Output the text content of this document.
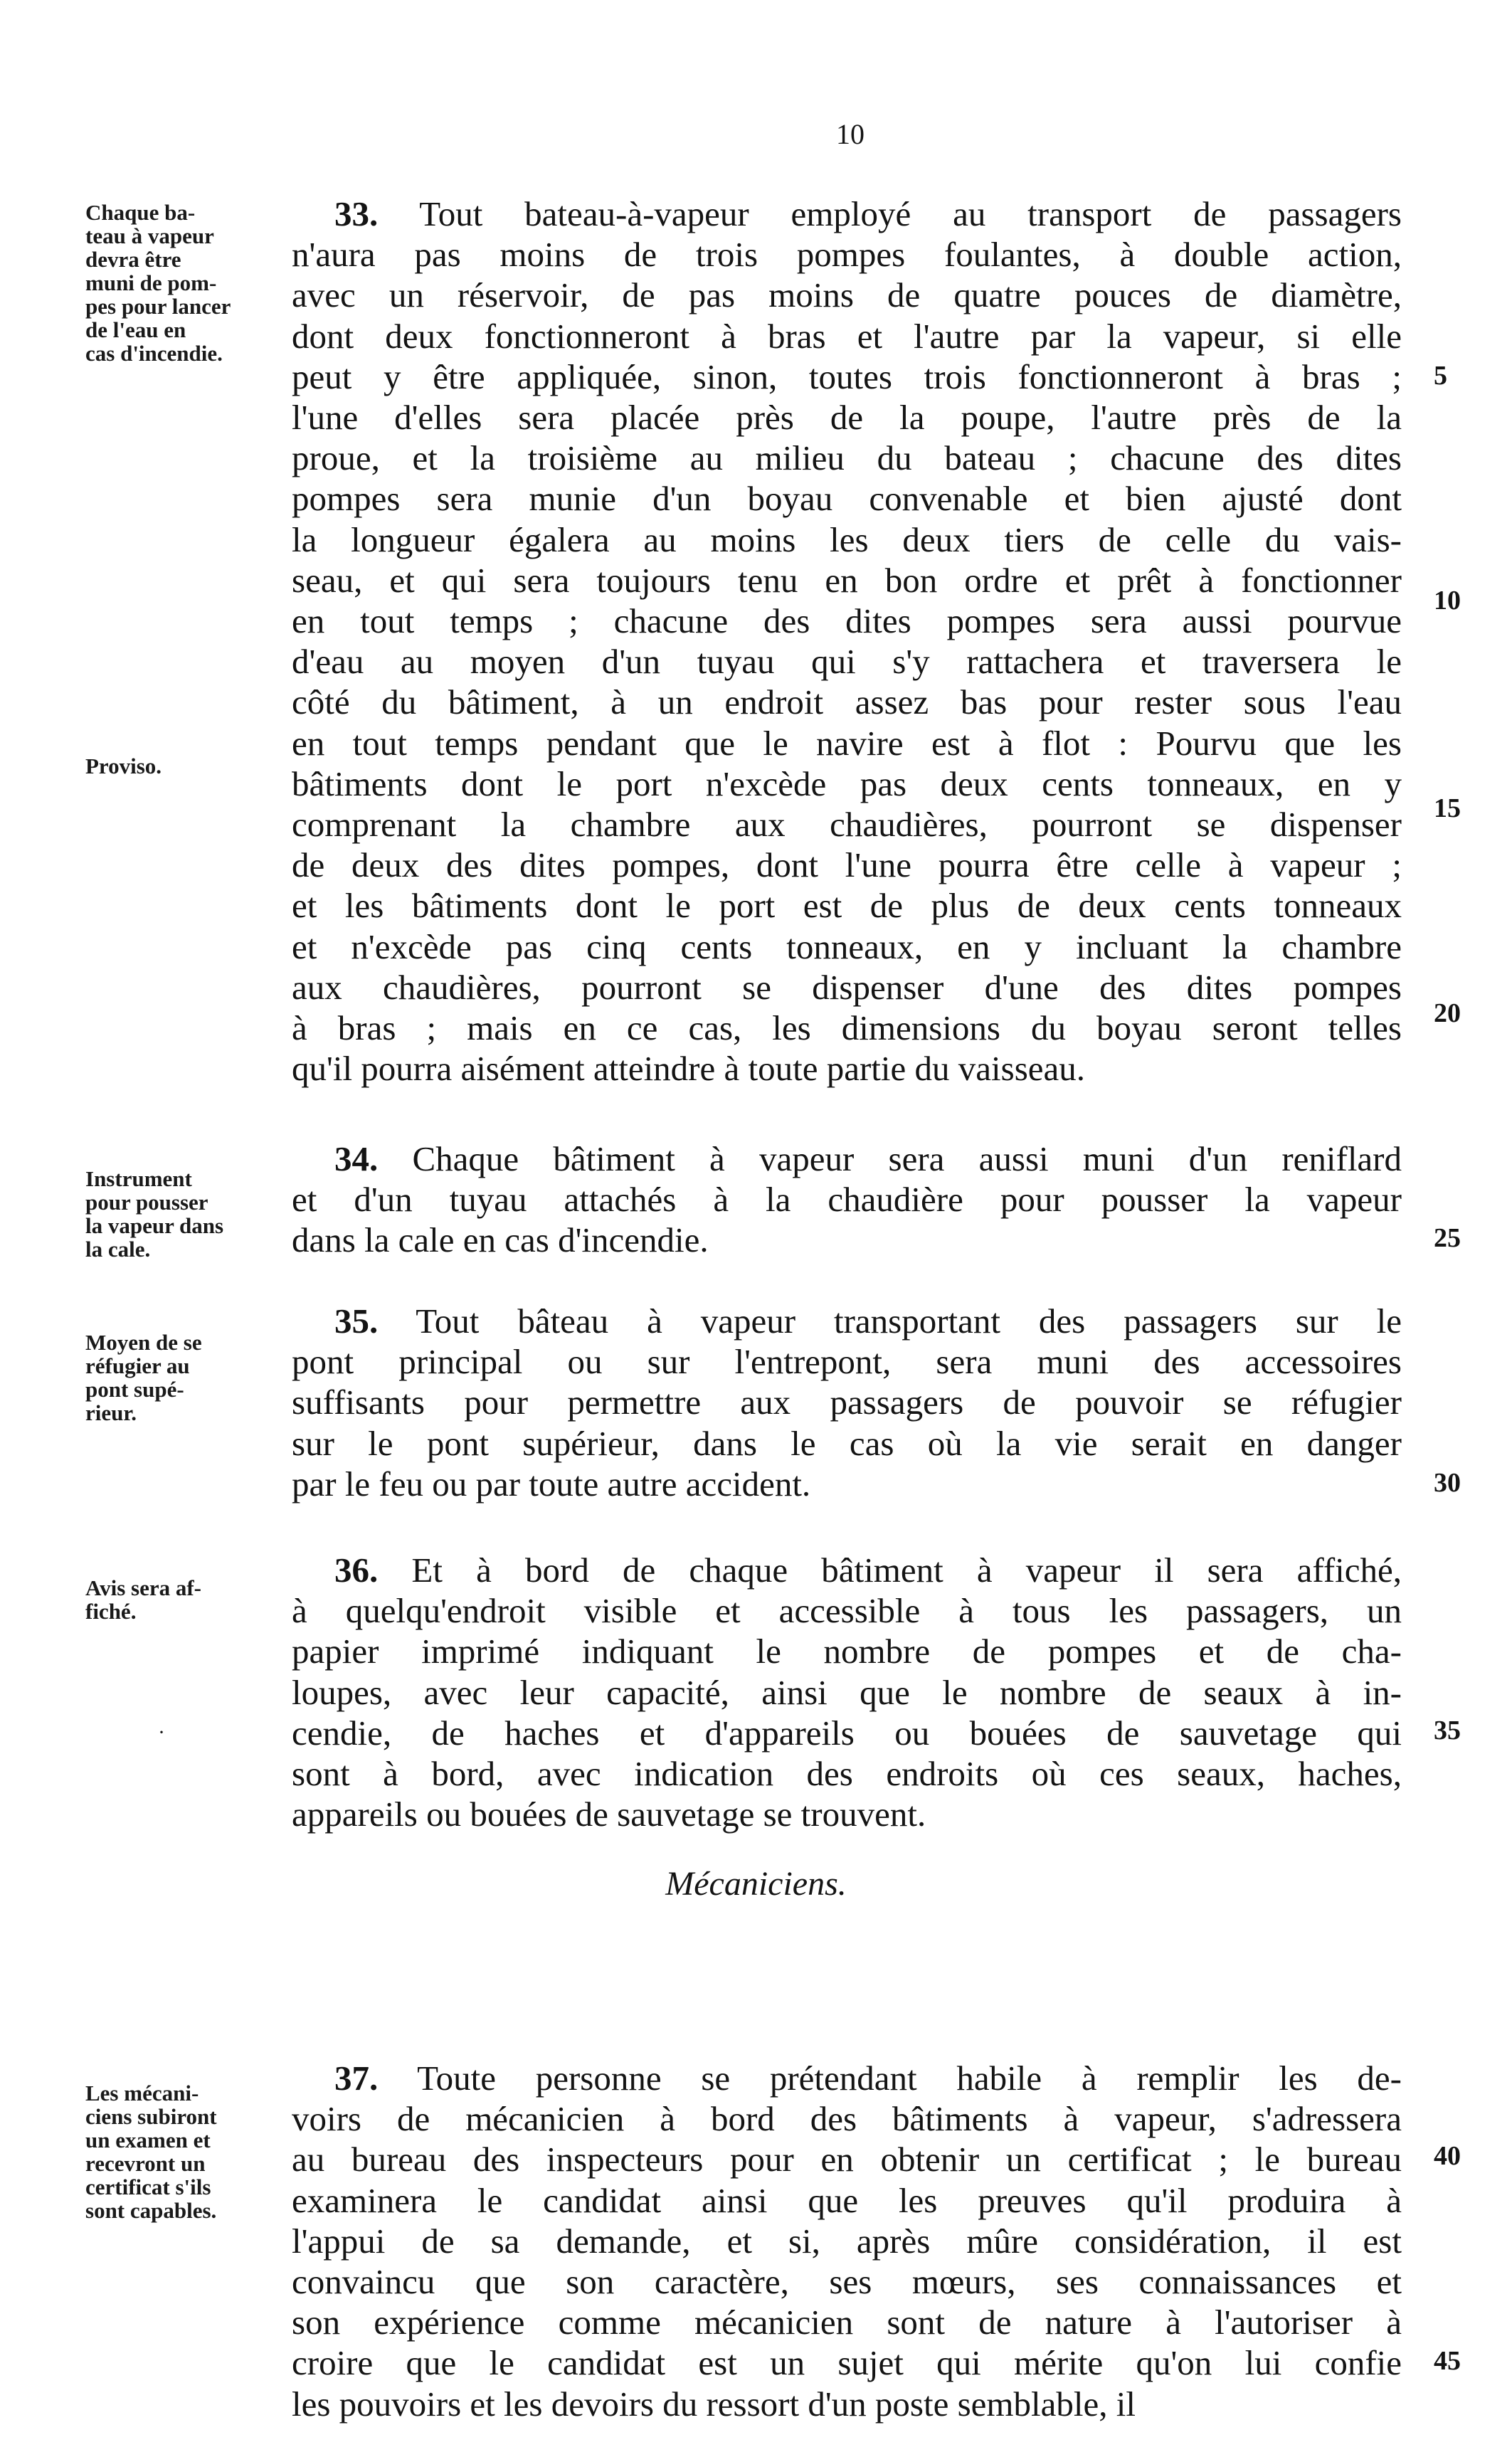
10
Chaque ba-
teau à vapeur
devra être
muni de pom-
pes pour lancer
de l'eau en
cas d'incendie.
Proviso.
33. Tout bateau-à-vapeur employé au transport de passagers
n'aura pas moins de trois pompes foulantes, à double action,
avec un réservoir, de pas moins de quatre pouces de diamètre,
dont deux fonctionneront à bras et l'autre par la vapeur, si elle
peut y être appliquée, sinon, toutes trois fonctionneront à bras ;
l'une d'elles sera placée près de la poupe, l'autre près de la
proue, et la troisième au milieu du bateau ; chacune des dites
pompes sera munie d'un boyau convenable et bien ajusté dont
la longueur égalera au moins les deux tiers de celle du vais-
seau, et qui sera toujours tenu en bon ordre et prêt à fonctionner
en tout temps ; chacune des dites pompes sera aussi pourvue
d'eau au moyen d'un tuyau qui s'y rattachera et traversera le
côté du bâtiment, à un endroit assez bas pour rester sous l'eau
en tout temps pendant que le navire est à flot : Pourvu que les
bâtiments dont le port n'excède pas deux cents tonneaux, en y
comprenant la chambre aux chaudières, pourront se dispenser
de deux des dites pompes, dont l'une pourra être celle à vapeur ;
et les bâtiments dont le port est de plus de deux cents tonneaux
et n'excède pas cinq cents tonneaux, en y incluant la chambre
aux chaudières, pourront se dispenser d'une des dites pompes
à bras ; mais en ce cas, les dimensions du boyau seront telles
qu'il pourra aisément atteindre à toute partie du vaisseau.
Instrument
pour pousser
la vapeur dans
la cale.
34. Chaque bâtiment à vapeur sera aussi muni d'un reniflard
et d'un tuyau attachés à la chaudière pour pousser la vapeur
dans la cale en cas d'incendie.
Moyen de se
réfugier au
pont supé-
rieur.
35. Tout bâteau à vapeur transportant des passagers sur le
pont principal ou sur l'entrepont, sera muni des accessoires
suffisants pour permettre aux passagers de pouvoir se réfugier
sur le pont supérieur, dans le cas où la vie serait en danger
par le feu ou par toute autre accident.
Avis sera af-
fiché.
36. Et à bord de chaque bâtiment à vapeur il sera affiché,
à quelqu'endroit visible et accessible à tous les passagers, un
papier imprimé indiquant le nombre de pompes et de cha-
loupes, avec leur capacité, ainsi que le nombre de seaux à in-
cendie, de haches et d'appareils ou bouées de sauvetage qui
sont à bord, avec indication des endroits où ces seaux, haches,
appareils ou bouées de sauvetage se trouvent.
·
Mécaniciens.
Les mécani-
ciens subiront
un examen et
recevront un
certificat s'ils
sont capables.
37. Toute personne se prétendant habile à remplir les de-
voirs de mécanicien à bord des bâtiments à vapeur, s'adressera
au bureau des inspecteurs pour en obtenir un certificat ; le bureau
examinera le candidat ainsi que les preuves qu'il produira à
l'appui de sa demande, et si, après mûre considération, il est
convaincu que son caractère, ses mœurs, ses connaissances et
son expérience comme mécanicien sont de nature à l'autoriser à
croire que le candidat est un sujet qui mérite qu'on lui confie
les pouvoirs et les devoirs du ressort d'un poste semblable, il
5
10
15
20
25
30
35
40
45
